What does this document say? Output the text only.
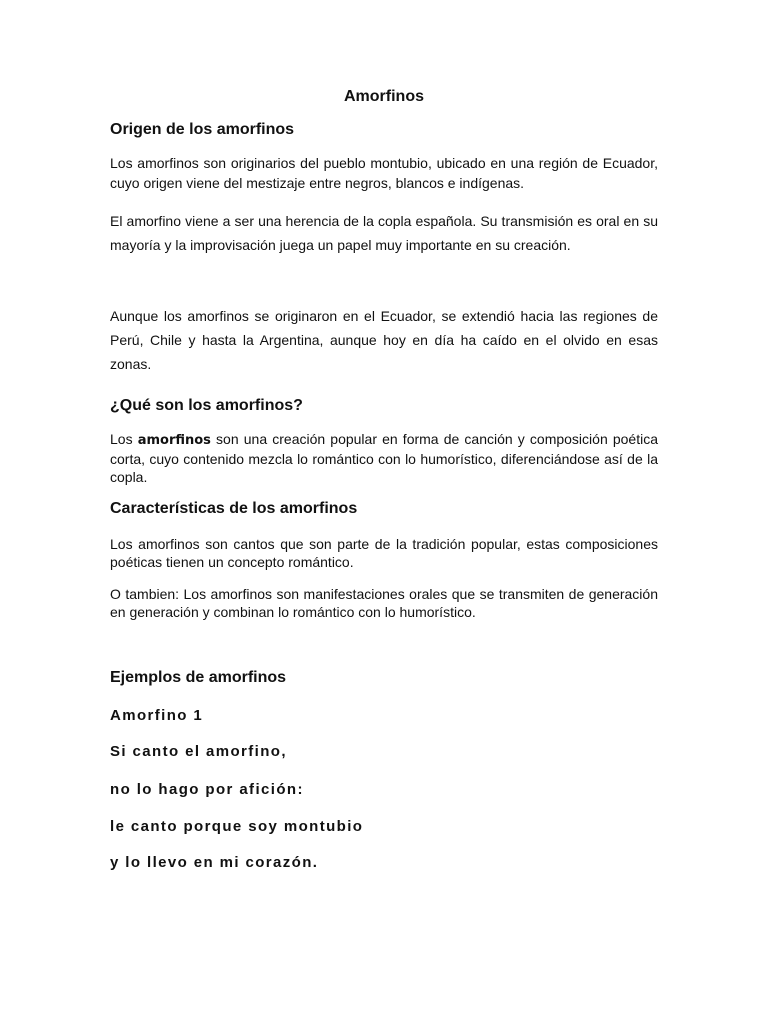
Amorfinos
Origen de los amorfinos

Los amorfinos son originarios del pueblo montubio, ubicado en una región de Ecuador, cuyo origen viene del mestizaje entre negros, blancos e indígenas.

El amorfino viene a ser una herencia de la copla española. Su transmisión es oral en su mayoría y la improvisación juega un papel muy importante en su creación.

Aunque los amorfinos se originaron en el Ecuador, se extendió hacia las regiones de Perú, Chile y hasta la Argentina, aunque hoy en día ha caído en el olvido en esas zonas.

¿Qué son los amorfinos?

Los amorfinos son una creación popular en forma de canción y composición poética corta, cuyo contenido mezcla lo romántico con lo humorístico, diferenciándose así de la copla.

Características de los amorfinos

Los amorfinos son cantos que son parte de la tradición popular, estas composiciones poéticas tienen un concepto romántico.

O tambien: Los amorfinos son manifestaciones orales que se transmiten de generación en generación y combinan lo romántico con lo humorístico.

Ejemplos de amorfinos
Amorfino 1
Si canto el amorfino,
no lo hago por afición:
le canto porque soy montubio
y lo llevo en mi corazón.
